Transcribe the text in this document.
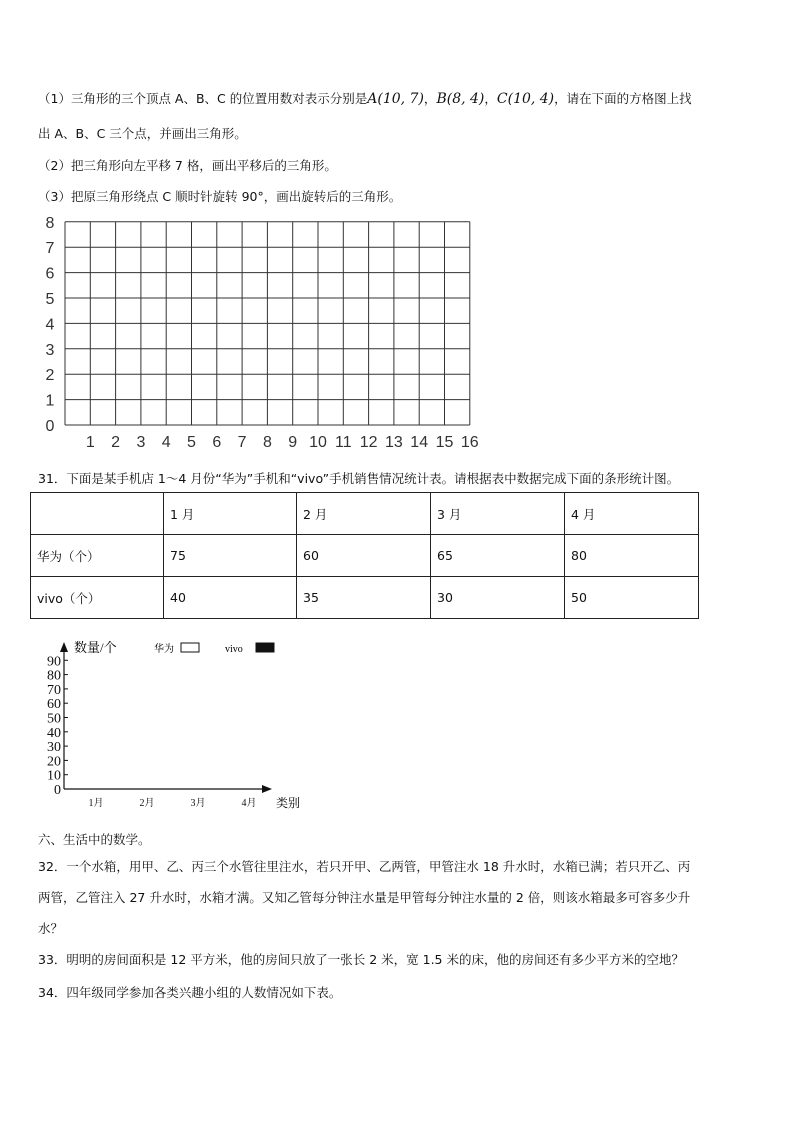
（1）三角形的三个顶点 A、B、C 的位置用数对表示分别是A(10, 7)，B(8, 4)，C(10, 4)，请在下面的方格图上找
出 A、B、C 三个点，并画出三角形。
（2）把三角形向左平移 7 格，画出平移后的三角形。
（3）把原三角形绕点 C 顺时针旋转 90°，画出旋转后的三角形。
1 2 3 4 5 6 7 8 9 10 11 12 13 14 15 16
0
1
2
3
4
5
6
7
8
31．下面是某手机店 1～4 月份“华为”手机和“vivo”手机销售情况统计表。请根据表中数据完成下面的条形统计图。
	1 月	2 月	3 月	4 月
华为（个）	75	60	65	80
vivo（个）	40	35	30	50
0
10
20
30
40
50
60
70
80
90
1月	2月	3月	4月
数量/个
类别
华为	vivo
六、生活中的数学。
32．一个水箱，用甲、乙、丙三个水管往里注水，若只开甲、乙两管，甲管注水 18 升水时，水箱已满；若只开乙、丙
两管，乙管注入 27 升水时，水箱才满。又知乙管每分钟注水量是甲管每分钟注水量的 2 倍，则该水箱最多可容多少升
水？
33．明明的房间面积是 12 平方米，他的房间只放了一张长 2 米，宽 1.5 米的床，他的房间还有多少平方米的空地？
34．四年级同学参加各类兴趣小组的人数情况如下表。
